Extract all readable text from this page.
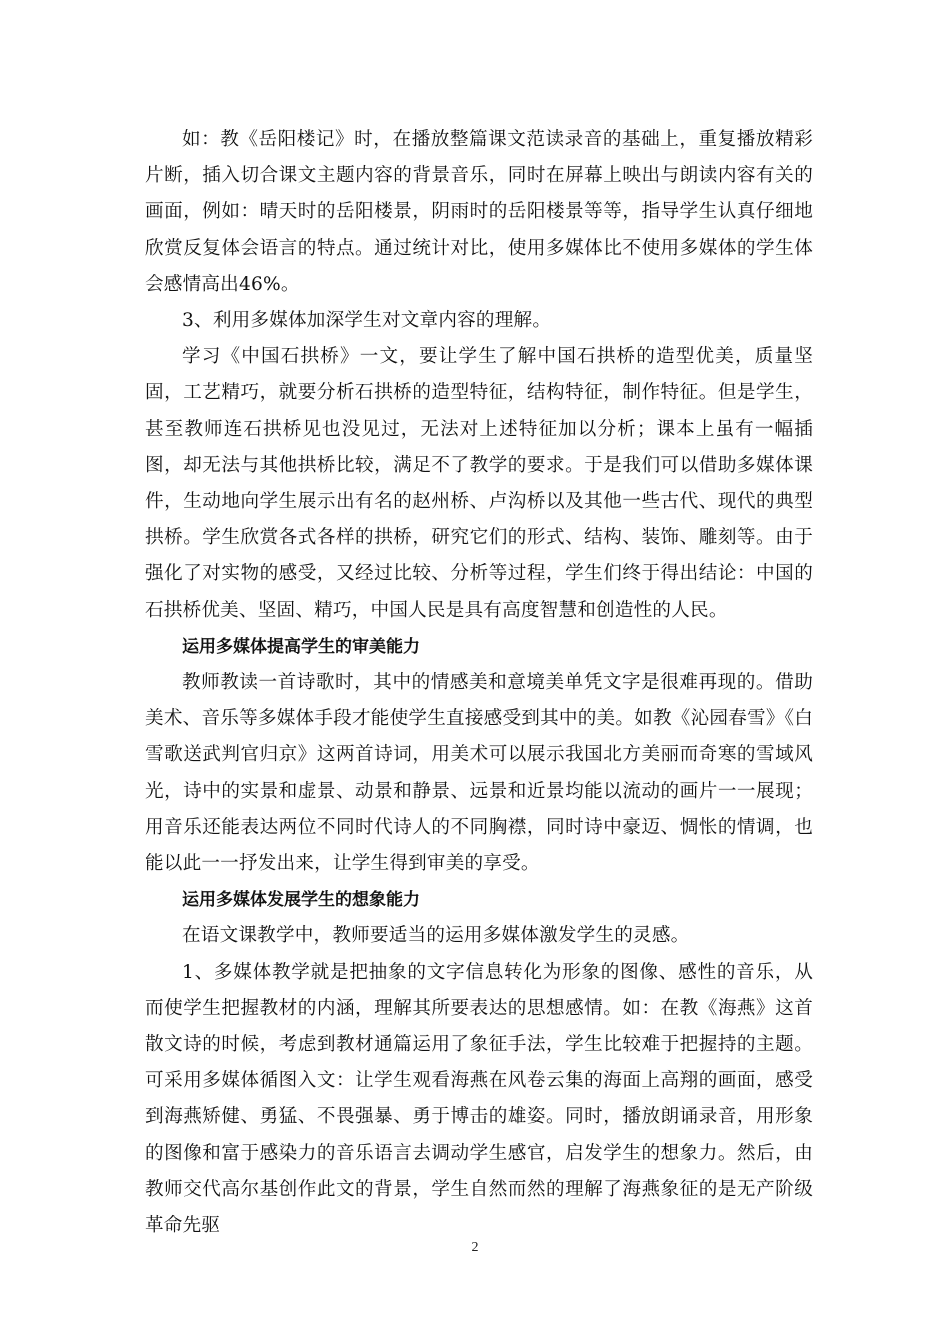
如：教《岳阳楼记》时，在播放整篇课文范读录音的基础上，重复播放精彩片断，插入切合课文主题内容的背景音乐，同时在屏幕上映出与朗读内容有关的画面，例如：晴天时的岳阳楼景，阴雨时的岳阳楼景等等，指导学生认真仔细地欣赏反复体会语言的特点。通过统计对比，使用多媒体比不使用多媒体的学生体会感情高出46%。

3、利用多媒体加深学生对文章内容的理解。

学习《中国石拱桥》一文，要让学生了解中国石拱桥的造型优美，质量坚固，工艺精巧，就要分析石拱桥的造型特征，结构特征，制作特征。但是学生，甚至教师连石拱桥见也没见过，无法对上述特征加以分析；课本上虽有一幅插图，却无法与其他拱桥比较，满足不了教学的要求。于是我们可以借助多媒体课件，生动地向学生展示出有名的赵州桥、卢沟桥以及其他一些古代、现代的典型拱桥。学生欣赏各式各样的拱桥，研究它们的形式、结构、装饰、雕刻等。由于强化了对实物的感受，又经过比较、分析等过程，学生们终于得出结论：中国的石拱桥优美、坚固、精巧，中国人民是具有高度智慧和创造性的人民。

运用多媒体提高学生的审美能力

教师教读一首诗歌时，其中的情感美和意境美单凭文字是很难再现的。借助美术、音乐等多媒体手段才能使学生直接感受到其中的美。如教《沁园春雪》《白雪歌送武判官归京》这两首诗词，用美术可以展示我国北方美丽而奇寒的雪域风光，诗中的实景和虚景、动景和静景、远景和近景均能以流动的画片一一展现；用音乐还能表达两位不同时代诗人的不同胸襟，同时诗中豪迈、惆怅的情调，也能以此一一抒发出来，让学生得到审美的享受。

运用多媒体发展学生的想象能力

在语文课教学中，教师要适当的运用多媒体激发学生的灵感。

1、多媒体教学就是把抽象的文字信息转化为形象的图像、感性的音乐，从而使学生把握教材的内涵，理解其所要表达的思想感情。如：在教《海燕》这首散文诗的时候，考虑到教材通篇运用了象征手法，学生比较难于把握持的主题。可采用多媒体循图入文：让学生观看海燕在风卷云集的海面上高翔的画面，感受到海燕矫健、勇猛、不畏强暴、勇于博击的雄姿。同时，播放朗诵录音，用形象的图像和富于感染力的音乐语言去调动学生感官，启发学生的想象力。然后，由教师交代高尔基创作此文的背景，学生自然而然的理解了海燕象征的是无产阶级革命先驱

2
